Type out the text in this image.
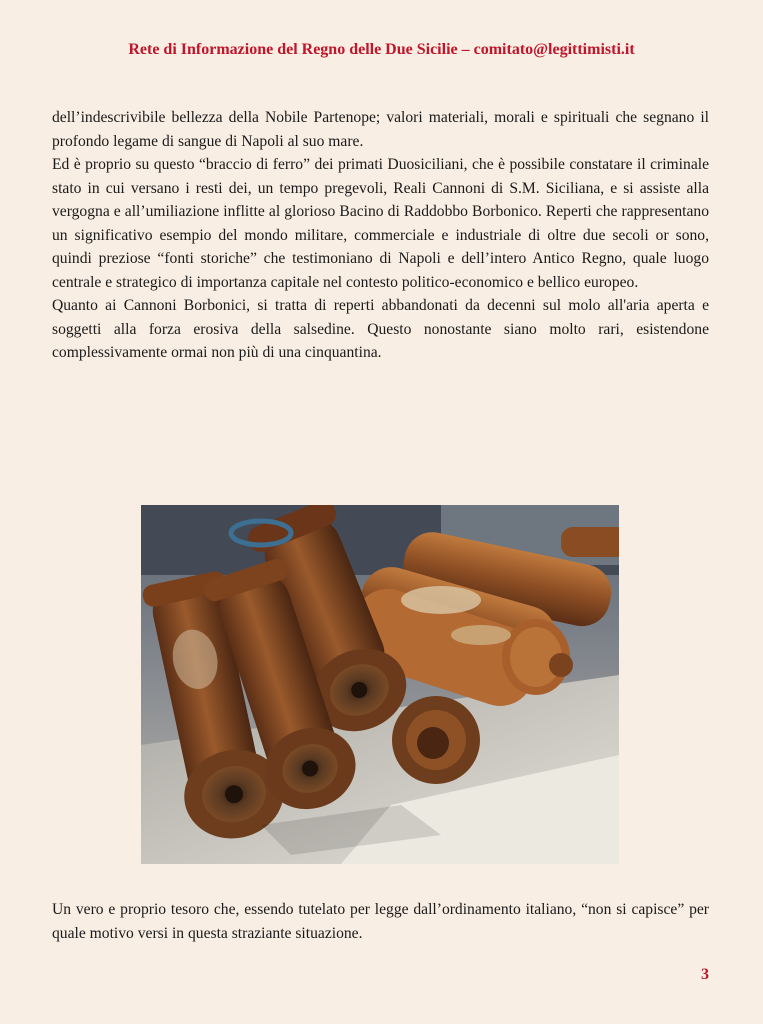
Rete di Informazione del Regno delle Due Sicilie – comitato@legittimisti.it

dell’indescrivibile bellezza della Nobile Partenope; valori materiali, morali e spirituali che segnano il profondo legame di sangue di Napoli al suo mare.

Ed è proprio su questo “braccio di ferro” dei primati Duosiciliani, che è possibile constatare il criminale stato in cui versano i resti dei, un tempo pregevoli, Reali Cannoni di S.M. Siciliana, e si assiste alla vergogna e all’umiliazione inflitte al glorioso Bacino di Raddobbo Borbonico. Reperti che rappresentano un significativo esempio del mondo militare, commerciale e industriale di oltre due secoli or sono, quindi preziose “fonti storiche” che testimoniano di Napoli e dell’intero Antico Regno, quale luogo centrale e strategico di importanza capitale nel contesto politico-economico e bellico europeo.

Quanto ai Cannoni Borbonici, si tratta di reperti abbandonati da decenni sul molo all'aria aperta e soggetti alla forza erosiva della salsedine. Questo nonostante siano molto rari, esistendone complessivamente ormai non più di una cinquantina.

Un vero e proprio tesoro che, essendo tutelato per legge dall’ordinamento italiano, “non si capisce” per quale motivo versi in questa straziante situazione.

3
